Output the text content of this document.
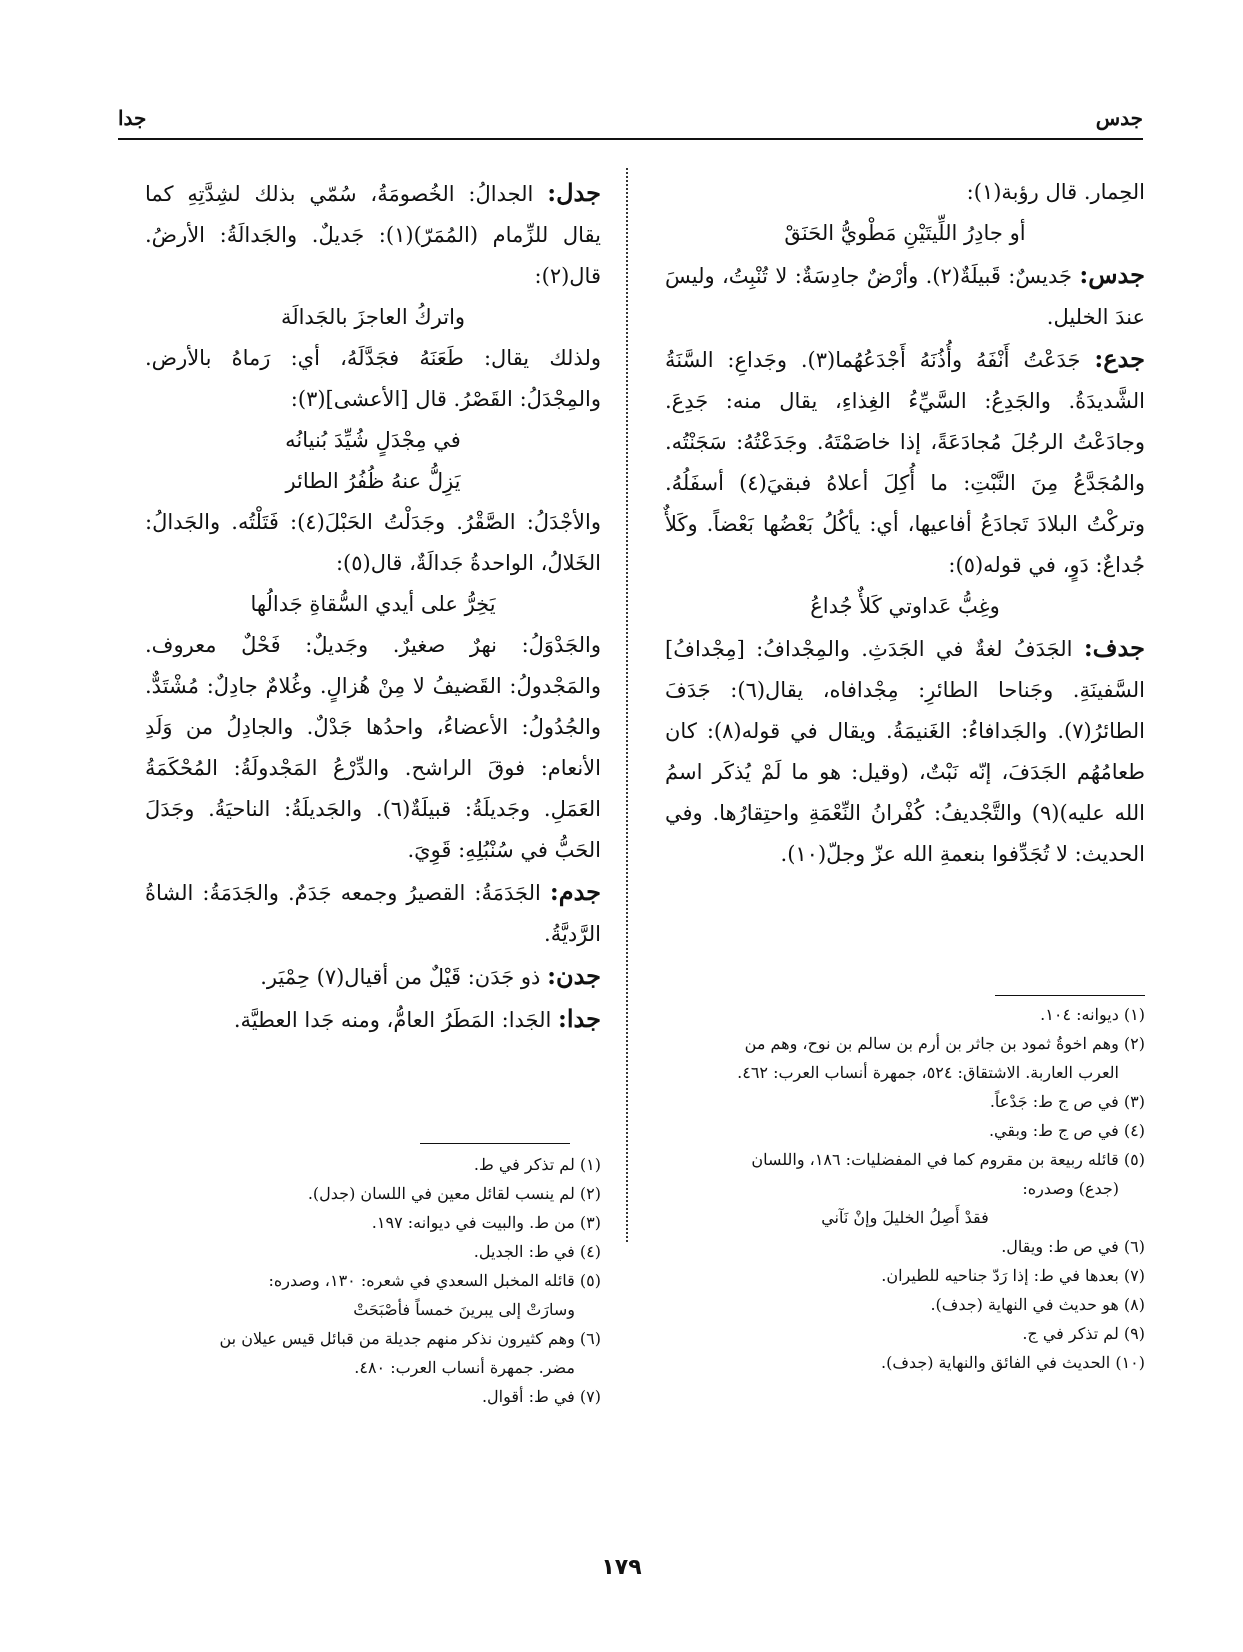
جدس
جدا

الحِمار. قال رؤبة(١):

أو جادِرُ اللِّيتَيْنِ مَطْويُّ الحَنَقْ

جدس: جَديسٌ: قَبيلَةٌ(٢). وأرْضٌ جادِسَةٌ: لا تُنْبِتُ، وليسَ عندَ الخليل.

جدع: جَدَعْتُ أَنْفَهُ وأُذُنَهُ أَجْدَعُهُما(٣). وجَداعِ: السَّنَةُ الشَّديدَةُ. والجَدِعُ: السَّيِّءُ الغِذاءِ، يقال منه: جَدِعَ. وجادَعْتُ الرجُلَ مُجادَعَةً، إذا خاصَمْتَهُ. وجَدَعْتُهُ: سَجَنْتُه. والمُجَدَّعُ مِنَ النَّبْتِ: ما أُكِلَ أعلاهُ فبقيَ(٤) أسفَلُهُ. وتركْتُ البلادَ تَجادَعُ أفاعيها، أي: يأكُلُ بَعْضُها بَعْضاً. وكَلأٌ جُداعٌ: دَوٍ، في قوله(٥):

وغِبُّ عَداوتي كَلأٌ جُداعُ

جدف: الجَدَفُ لغةٌ في الجَدَثِ. والمِجْدافُ: [مِجْدافُ] السَّفينَةِ. وجَناحا الطائرِ: مِجْدافاه، يقال(٦): جَدَفَ الطائرُ(٧). والجَدافاءُ: الغَنيمَةُ. ويقال في قوله(٨): كان طعامُهُم الجَدَفَ، إنّه نَبْتٌ، (وقيل: هو ما لَمْ يُذكَر اسمُ الله عليه)(٩) والتَّجْديفُ: كُفْرانُ النِّعْمَةِ واحتِقارُها. وفي الحديث: لا تُجَدِّفوا بنعمةِ الله عزّ وجلّ(١٠).

جدل: الجدالُ: الخُصومَةُ، سُمّي بذلك لشِدَّتِهِ كما يقال للزِّمام (المُمَرّ)(١): جَديلٌ. والجَدالَةُ: الأرضُ. قال(٢):

واتركُ العاجزَ بالجَدالَة

ولذلك يقال: طَعَنَهُ فجَدَّلَهُ، أي: رَماهُ بالأرض. والمِجْدَلُ: القَصْرُ. قال [الأعشى](٣):

في مِجْدَلٍ شُيِّدَ بُنيانُه

يَزِلُّ عنهُ ظُفُرُ الطائر

والأجْدَلُ: الصَّقْرُ. وجَدَلْتُ الحَبْلَ(٤): فَتَلْتُه. والجَدالُ: الخَلالُ، الواحدةُ جَدالَةٌ، قال(٥):

يَخِرُّ على أيدي السُّقاةِ جَدالُها

والجَدْوَلُ: نهرٌ صغيرٌ. وجَديلٌ: فَحْلٌ معروف. والمَجْدولُ: القَضيفُ لا مِنْ هُزالٍ. وغُلامٌ جادِلٌ: مُشْتَدٌّ. والجُدُولُ: الأعضاءُ، واحدُها جَدْلٌ. والجادِلُ من وَلَدِ الأنعام: فوقَ الراشح. والدِّرْعُ المَجْدولَةُ: المُحْكَمَةُ العَمَلِ. وجَديلَةُ: قبيلَةٌ(٦). والجَديلَةُ: الناحيَةُ. وجَدَلَ الحَبُّ في سُنْبُلِهِ: قَوِيَ.

جدم: الجَدَمَةُ: القصيرُ وجمعه جَدَمٌ. والجَدَمَةُ: الشاةُ الرَّديَّةُ.

جدن: ذو جَدَن: قَيْلٌ من أقيال(٧) حِمْيَر.

جدا: الجَدا: المَطَرُ العامُّ، ومنه جَدا العطيَّة.	(١) ديوانه: ١٠٤.

(٢) وهم اخوةُ ثمود بن جاثر بن أرم بن سالم بن نوح، وهم من

العرب العاربة. الاشتقاق: ٥٢٤، جمهرة أنساب العرب: ٤٦٢.

(٣) في ص ج ط: جَدْعاً.

(٤) في ص ج ط: وبقي.

(٥) قائله ربيعة بن مقروم كما في المفضليات: ١٨٦، واللسان

(جدع) وصدره:

فقدْ أَصِلُ الخليلَ وإنْ نَآني

(٦) في ص ط: ويقال.

(٧) بعدها في ط: إذا رَدّ جناحيه للطيران.

(٨) هو حديث في النهاية (جدف).

(٩) لم تذكر في ج.

(١٠) الحديث في الفائق والنهاية (جدف).

(١) لم تذكر في ط.

(٢) لم ينسب لقائل معين في اللسان (جدل).

(٣) من ط. والبيت في ديوانه: ١٩٧.

(٤) في ط: الجديل.

(٥) قائله المخبل السعدي في شعره: ١٣٠، وصدره:

وسارَتْ إلى يبرينَ خمساً فأصْبَحَتْ

(٦) وهم كثيرون نذكر منهم جديلة من قبائل قيس عيلان بن

مضر. جمهرة أنساب العرب: ٤٨٠.

(٧) في ط: أقوال.

١٧٩
